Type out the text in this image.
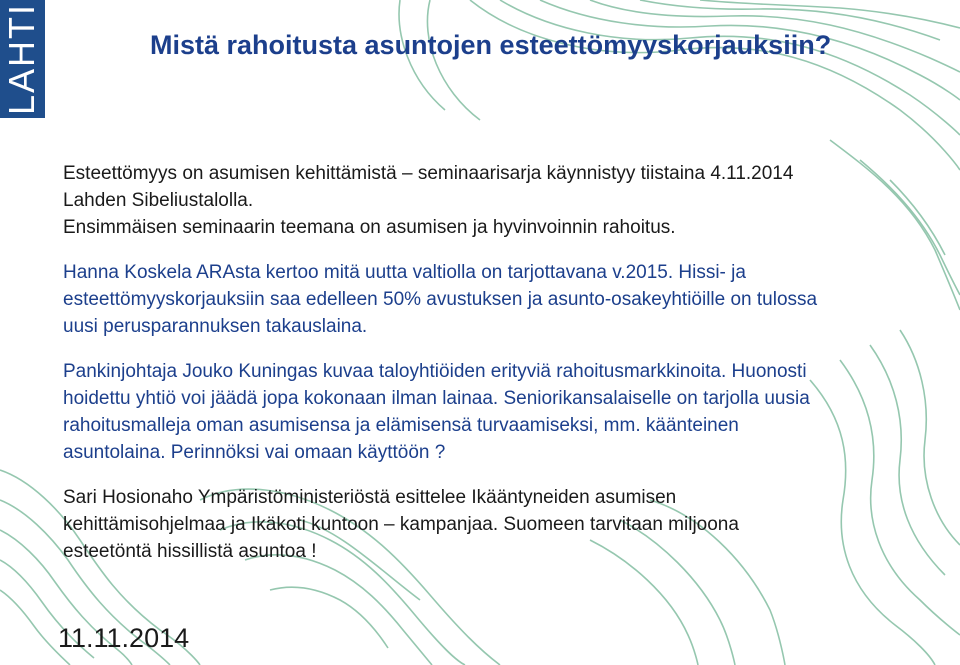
LAHTI	Mistä rahoitusta asuntojen esteettömyyskorjauksiin?

Esteettömyys on asumisen kehittämistä – seminaarisarja käynnistyy tiistaina 4.11.2014
Lahden Sibeliustalolla.
Ensimmäisen seminaarin teemana on asumisen ja hyvinvoinnin rahoitus.

Hanna Koskela ARAsta kertoo mitä uutta valtiolla on tarjottavana v.2015. Hissi- ja
esteettömyyskorjauksiin saa edelleen 50% avustuksen ja asunto-osakeyhtiöille on tulossa
uusi perusparannuksen takauslaina.

Pankinjohtaja Jouko Kuningas kuvaa taloyhtiöiden erityviä rahoitusmarkkinoita. Huonosti
hoidettu yhtiö voi jäädä jopa kokonaan ilman lainaa. Seniorikansalaiselle on tarjolla uusia
rahoitusmalleja oman asumisensa ja elämisensä turvaamiseksi, mm. käänteinen
asuntolaina. Perinnöksi vai omaan käyttöön ?

Sari Hosionaho Ympäristöministeriöstä esittelee Ikääntyneiden asumisen
kehittämisohjelmaa ja Ikäkoti kuntoon – kampanjaa. Suomeen tarvitaan miljoona
esteetöntä hissillistä asuntoa !

11.11.2014
